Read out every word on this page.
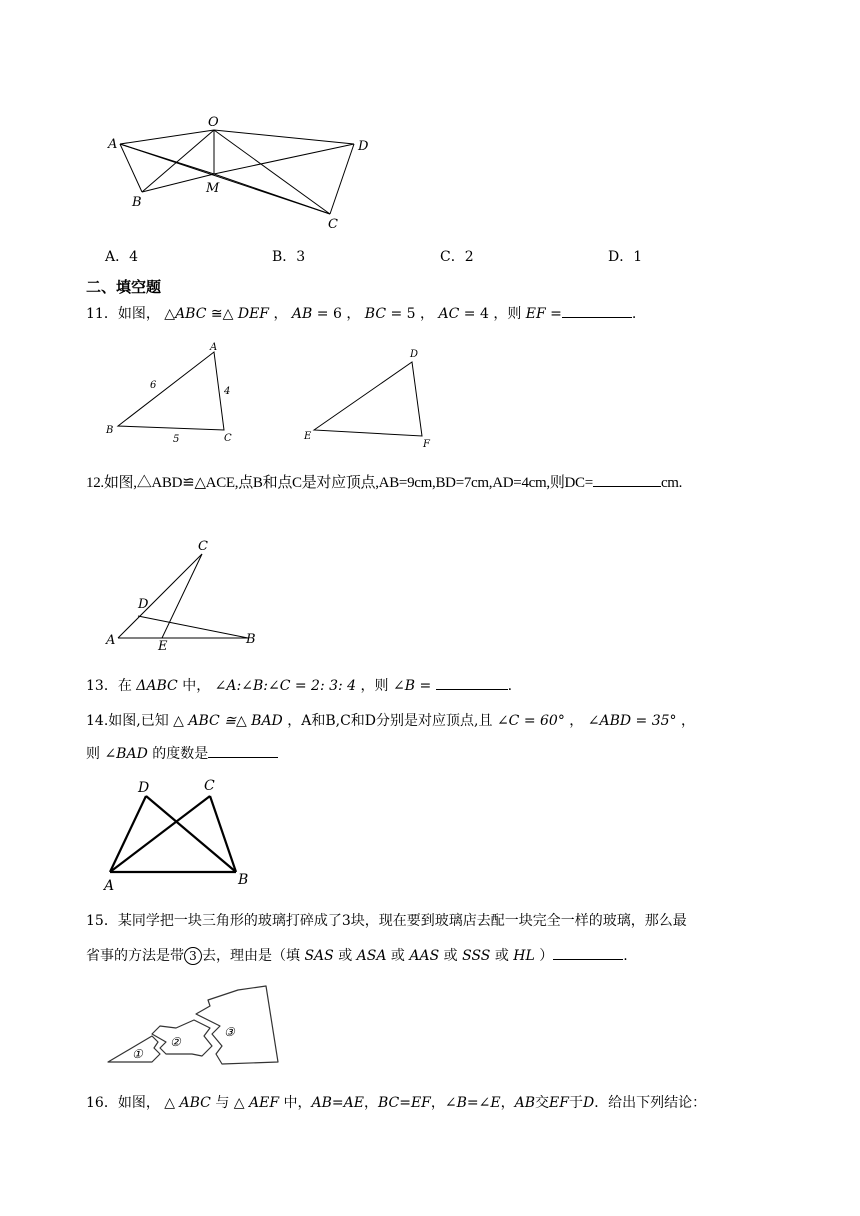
A
O
D
B
M
C
A．4	B．3	C．2	D．1
二、填空题
11．如图， △ABC ≅△ DEF ， AB = 6 ， BC = 5 ， AC = 4 ，则 EF =	.
A
B
C
6
4
5
D
E
F
12.如图,△ABD≌△ACE,点B和点C是对应顶点,AB=9cm,BD=7cm,AD=4cm,则DC=	cm.
C
D
A	E	B
13．在 ΔABC 中， ∠A:∠B:∠C = 2: 3: 4 ，则 ∠B =	.
14.如图,已知 △ ABC ≅△ BAD ，A和B,C和D分别是对应顶点,且 ∠C = 60° ， ∠ABD = 35° ，
则 ∠BAD 的度数是
D	C
A	B
15．某同学把一块三角形的玻璃打碎成了3块，现在要到玻璃店去配一块完全一样的玻璃，那么最
省事的方法是带 3 去，理由是（填 SAS 或 ASA 或 AAS 或 SSS 或 HL ）	.
①
②
③
16．如图， △ ABC 与 △ AEF 中，AB=AE，BC=EF，∠B=∠E，AB交EF于D．给出下列结论：
